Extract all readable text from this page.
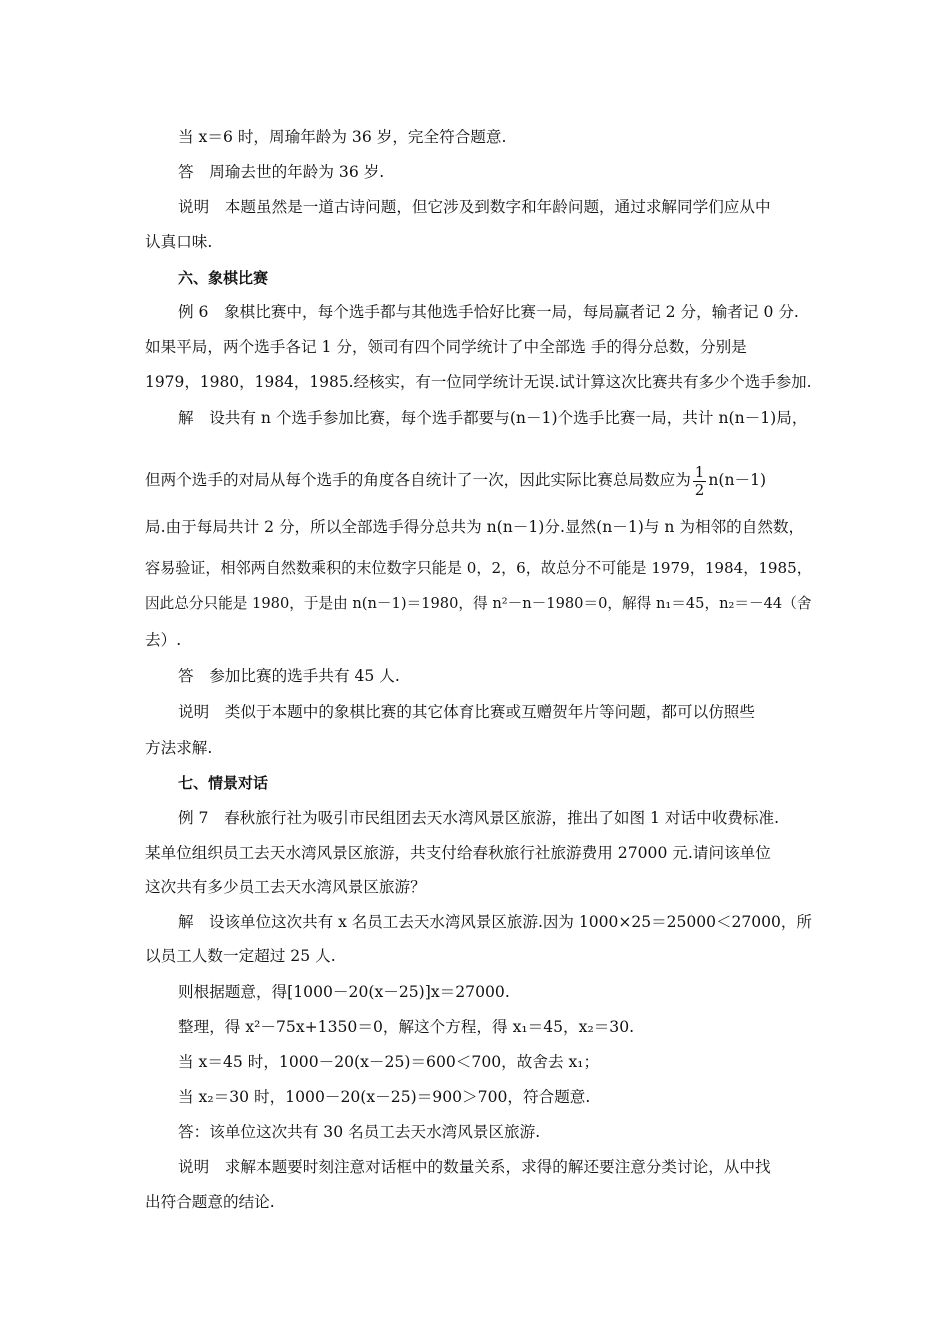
当 x＝6 时，周瑜年龄为 36 岁，完全符合题意.
答　周瑜去世的年龄为 36 岁.
说明　本题虽然是一道古诗问题，但它涉及到数字和年龄问题，通过求解同学们应从中
认真口味.
六、象棋比赛
例 6　象棋比赛中，每个选手都与其他选手恰好比赛一局，每局赢者记 2 分，输者记 0 分.
如果平局，两个选手各记 1 分，领司有四个同学统计了中全部选 手的得分总数，分别是
1979，1980，1984，1985.经核实，有一位同学统计无误.试计算这次比赛共有多少个选手参加.
解　设共有 n 个选手参加比赛，每个选手都要与(n－1)个选手比赛一局，共计 n(n－1)局，
但两个选手的对局从每个选手的角度各自统计了一次，因此实际比赛总局数应为 $\frac{1}{2} n(n-1)$
局.由于每局共计 2 分，所以全部选手得分总共为 n(n－1)分.显然(n－1)与 n 为相邻的自然数，
容易验证，相邻两自然数乘积的末位数字只能是 0，2，6，故总分不可能是 1979，1984，1985，
因此总分只能是 1980，于是由 n(n－1)＝1980，得 n²－n－1980＝0，解得 n₁＝45，n₂＝－44（舍
去）.
答　参加比赛的选手共有 45 人.
说明　类似于本题中的象棋比赛的其它体育比赛或互赠贺年片等问题，都可以仿照些
方法求解.
七、情景对话
例 7　春秋旅行社为吸引市民组团去天水湾风景区旅游，推出了如图 1 对话中收费标准.
某单位组织员工去天水湾风景区旅游，共支付给春秋旅行社旅游费用 27000 元.请问该单位
这次共有多少员工去天水湾风景区旅游？
解　设该单位这次共有 x 名员工去天水湾风景区旅游.因为 1000×25＝25000＜27000，所
以员工人数一定超过 25 人.
则根据题意，得[1000－20(x－25)]x＝27000.
整理，得 x²－75x+1350＝0，解这个方程，得 x₁＝45，x₂＝30.
当 x＝45 时，1000－20(x－25)＝600＜700，故舍去 x₁；
当 x₂＝30 时，1000－20(x－25)＝900＞700，符合题意.
答：该单位这次共有 30 名员工去天水湾风景区旅游.
说明　求解本题要时刻注意对话框中的数量关系，求得的解还要注意分类讨论，从中找
出符合题意的结论.
